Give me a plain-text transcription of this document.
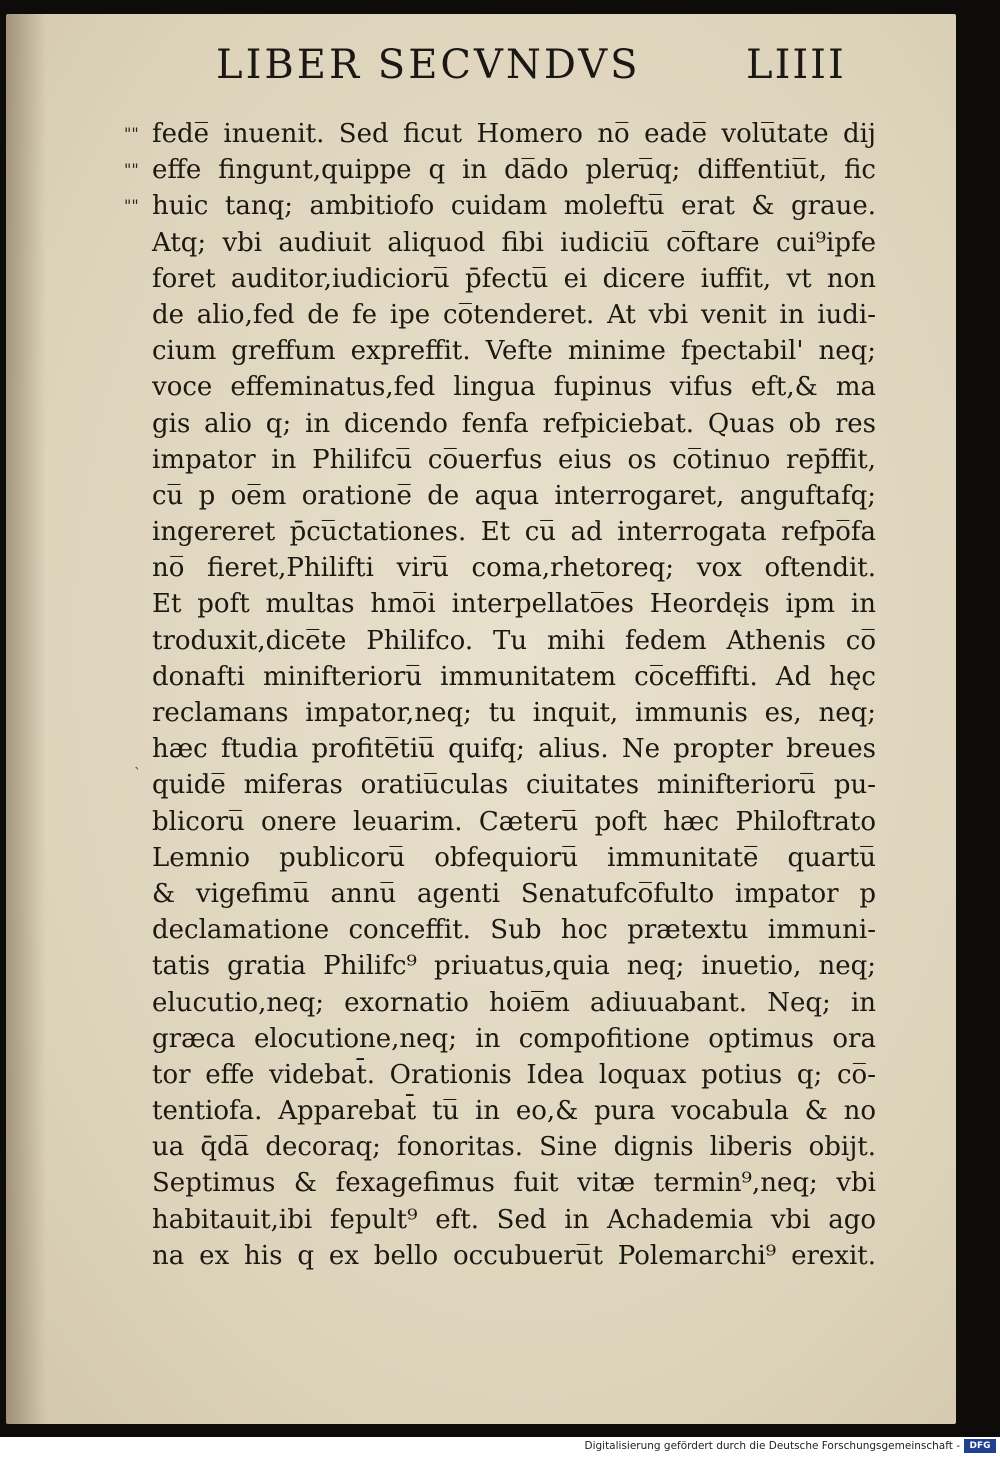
LIBER SECVNDVS	LIIII
"" fede̅ inuenit. Sed ficut Homero no̅ eade̅ volu̅tate dij
"" effe fingunt,quippe q in da̅do pleru̅q; diffentiu̅t, fic
"" huic tanq; ambitiofo cuidam moleftu̅ erat & graue.
Atq; vbi audiuit aliquod fibi iudiciu̅ co̅ftare cui⁹ipfe
foret auditor,iudicioru̅ p̄fectu̅ ei dicere iuffit, vt non
de alio,fed de fe ipe co̅tenderet. At vbi venit in iudi-
cium greffum expreffit. Vefte minime fpectabil' neq;
voce effeminatus,fed lingua fupinus vifus eft,& ma
gis alio q; in dicendo fenfa refpiciebat. Quas ob res
impator in Philifcu̅ co̅uerfus eius os co̅tinuo rep̄ffit,
cu̅ p oe̅m oratione̅ de aqua interrogaret, anguftafq;
ingereret p̄cu̅ctationes. Et cu̅ ad interrogata refpo̅fa
no̅ fieret,Philifti viru̅ coma,rhetoreq; vox oftendit.
Et poft multas hmo̅i interpellato̅es Heordęis ipm in
troduxit,dice̅te Philifco. Tu mihi fedem Athenis co̅
donafti minifterioru̅ immunitatem co̅ceffifti. Ad hęc
reclamans impator,neq; tu inquit, immunis es, neq;
hæc ftudia profite̅tiu̅ quifq; alius. Ne propter breues
quide̅ miferas oratiu̅culas ciuitates minifterioru̅ pu-
blicoru̅ onere leuarim. Cæteru̅ poft hæc Philoftrato
Lemnio publicoru̅ obfequioru̅ immunitate̅ quartu̅
& vigefimu̅ annu̅ agenti Senatufco̅fulto impator p
declamatione conceffit. Sub hoc prætextu immuni-
tatis gratia Philifc⁹ priuatus,quia neq; inuetio, neq;
elucutio,neq; exornatio hoie̅m adiuuabant. Neq; in
græca elocutione,neq; in compofitione optimus ora
tor effe videbat̄. Orationis Idea loquax potius q; co̅-
tentiofa. Apparebat̄ tu̅ in eo,& pura vocabula & no
ua q̄da̅ decoraq; fonoritas. Sine dignis liberis obijt.
Septimus & fexagefimus fuit vitæ termin⁹,neq; vbi
habitauit,ibi fepult⁹ eft. Sed in Achademia vbi ago
na ex his q ex bello occubueru̅t Polemarchi⁹ erexit.
ˋ
Digitalisierung gefördert durch die Deutsche Forschungsgemeinschaft -	DFG
